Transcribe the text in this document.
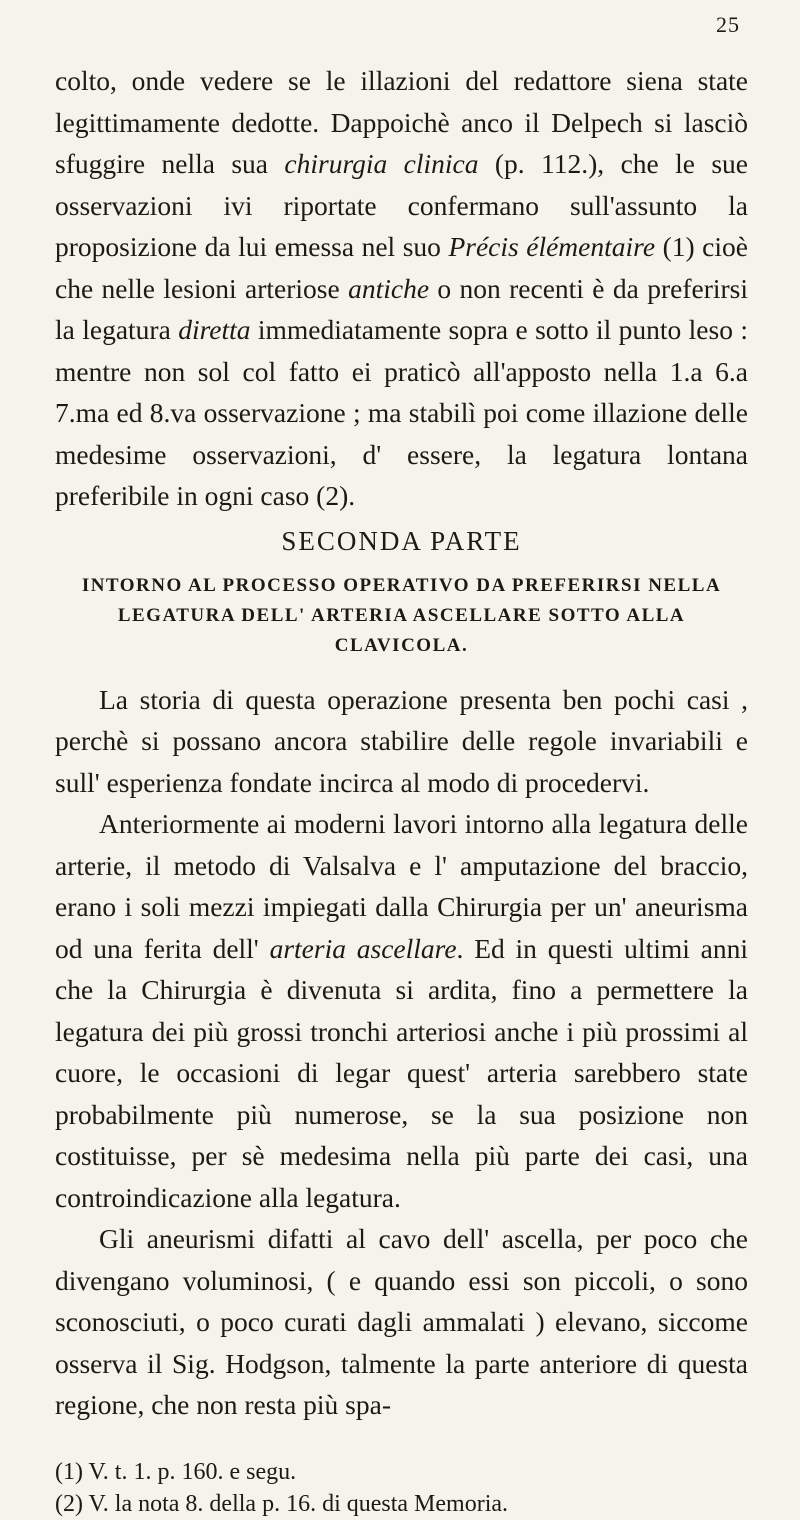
25

colto, onde vedere se le illazioni del redattore siena state legittimamente dedotte. Dappoichè anco il Delpech si lasciò sfuggire nella sua chirurgia clinica (p. 112.), che le sue osservazioni ivi riportate confermano sull'assunto la proposizione da lui emessa nel suo Précis élémentaire (1) cioè che nelle lesioni arteriose antiche o non recenti è da preferirsi la legatura diretta immediatamente sopra e sotto il punto leso : mentre non sol col fatto ei praticò all'apposto nella 1.a 6.a 7.ma ed 8.va osservazione ; ma stabilì poi come illazione delle medesime osservazioni, d' essere, la legatura lontana preferibile in ogni caso (2).

SECONDA PARTE
INTORNO AL PROCESSO OPERATIVO DA PREFERIRSI NELLA LEGATURA DELL' ARTERIA ASCELLARE SOTTO ALLA CLAVICOLA.

La storia di questa operazione presenta ben pochi casi , perchè si possano ancora stabilire delle regole invariabili e sull' esperienza fondate incirca al modo di procedervi.

Anteriormente ai moderni lavori intorno alla legatura delle arterie, il metodo di Valsalva e l' amputazione del braccio, erano i soli mezzi impiegati dalla Chirurgia per un' aneurisma od una ferita dell' arteria ascellare. Ed in questi ultimi anni che la Chirurgia è divenuta si ardita, fino a permettere la legatura dei più grossi tronchi arteriosi anche i più prossimi al cuore, le occasioni di legar quest' arteria sarebbero state probabilmente più numerose, se la sua posizione non costituisse, per sè medesima nella più parte dei casi, una controindicazione alla legatura.

Gli aneurismi difatti al cavo dell' ascella, per poco che divengano voluminosi, ( e quando essi son piccoli, o sono sconosciuti, o poco curati dagli ammalati ) elevano, siccome osserva il Sig. Hodgson, talmente la parte anteriore di questa regione, che non resta più spa-

(1) V. t. 1. p. 160. e segu.

(2) V. la nota 8. della p. 16. di questa Memoria.
